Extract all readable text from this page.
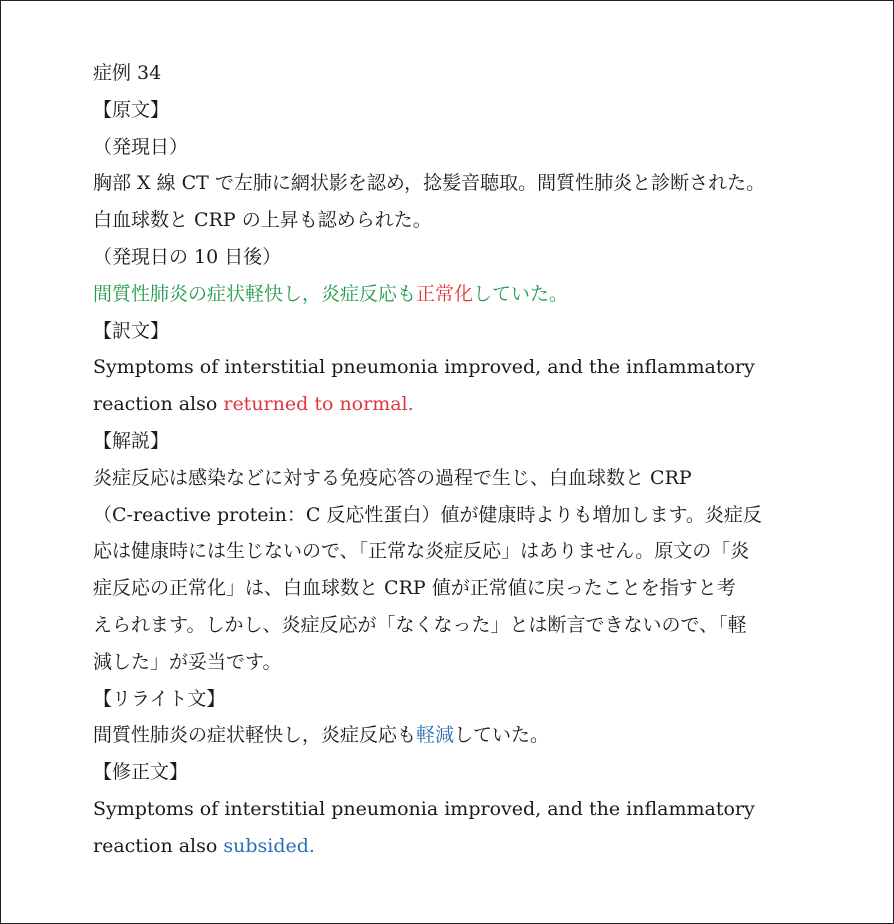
症例 34
【原文】
（発現日）
胸部 X 線 CT で左肺に網状影を認め，捻髪音聴取。間質性肺炎と診断された。
白血球数と CRP の上昇も認められた。
（発現日の 10 日後）
間質性肺炎の症状軽快し，炎症反応も正常化していた。
【訳文】
Symptoms of interstitial pneumonia improved, and the inflammatory
reaction also returned to normal.
【解説】
炎症反応は感染などに対する免疫応答の過程で生じ、白血球数と CRP
（C-reactive protein：C 反応性蛋白）値が健康時よりも増加します。炎症反
応は健康時には生じないので、「正常な炎症反応」はありません。原文の「炎
症反応の正常化」は、白血球数と CRP 値が正常値に戻ったことを指すと考
えられます。しかし、炎症反応が「なくなった」とは断言できないので、「軽
減した」が妥当です。
【リライト文】
間質性肺炎の症状軽快し，炎症反応も軽減していた。
【修正文】
Symptoms of interstitial pneumonia improved, and the inflammatory
reaction also subsided.
